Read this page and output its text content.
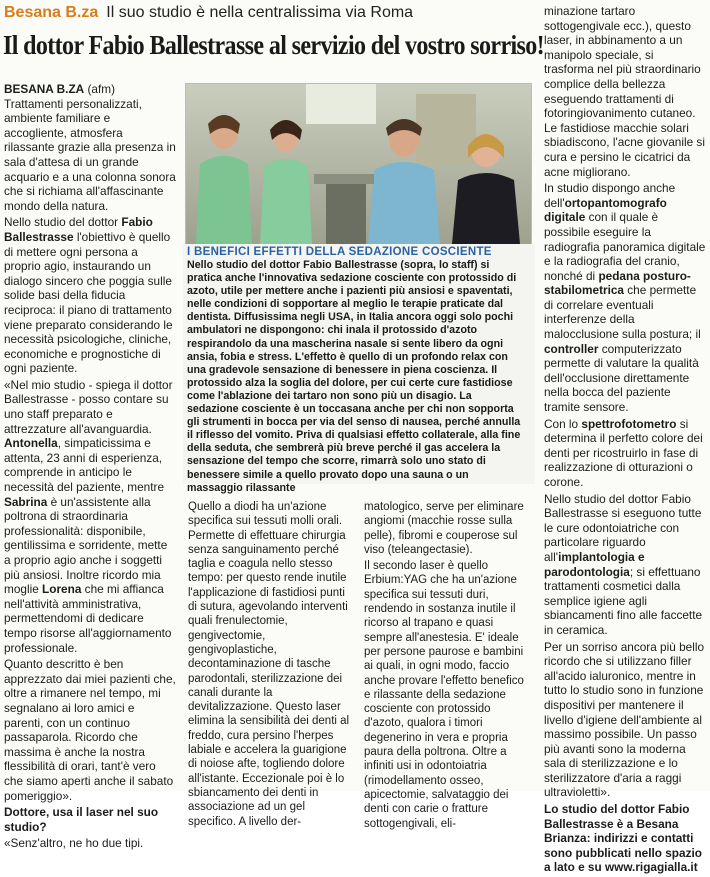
Besana B.za Il suo studio è nella centralissima via Roma
Il dottor Fabio Ballestrasse al servizio del vostro sorriso!

BESANA B.ZA (afm) Trattamenti personalizzati, ambiente familiare e accogliente, atmosfera rilassante grazie alla presenza in sala d'attesa di un grande acquario e a una colonna sonora che si richiama all'affascinante mondo della natura.

Nello studio del dottor Fabio Ballestrasse l'obiettivo è quello di mettere ogni persona a proprio agio, instaurando un dialogo sincero che poggia sulle solide basi della fiducia reciproca: il piano di trattamento viene preparato considerando le necessità psicologiche, cliniche, economiche e prognostiche di ogni paziente.

«Nel mio studio - spiega il dottor Ballestrasse - posso contare su uno staff preparato e attrezzature all'avanguardia. Antonella, simpaticissima e attenta, 23 anni di esperienza, comprende in anticipo le necessità del paziente, mentre Sabrina è un'assistente alla poltrona di straordinaria professionalità: disponibile, gentilissima e sorridente, mette a proprio agio anche i soggetti più ansiosi. Inoltre ricordo mia moglie Lorena che mi affianca nell'attività amministrativa, permettendomi di dedicare tempo risorse all'aggiornamento professionale.

Quanto descritto è ben apprezzato dai miei pazienti che, oltre a rimanere nel tempo, mi segnalano ai loro amici e parenti, con un continuo passaparola. Ricordo che massima è anche la nostra flessibilità di orari, tant'è vero che siamo aperti anche il sabato pomeriggio».

Dottore, usa il laser nel suo studio?

«Senz'altro, ne ho due tipi.

I BENEFICI EFFETTI DELLA SEDAZIONE COSCIENTE
Nello studio del dottor Fabio Ballestrasse (sopra, lo staff) si pratica anche l'innovativa sedazione cosciente con protossido di azoto, utile per mettere anche i pazienti più ansiosi e spaventati, nelle condizioni di sopportare al meglio le terapie praticate dal dentista. Diffusissima negli USA, in Italia ancora oggi solo pochi ambulatori ne dispongono: chi inala il protossido d'azoto respirandolo da una mascherina nasale si sente libero da ogni ansia, fobia e stress. L'effetto è quello di un profondo relax con una gradevole sensazione di benessere in piena coscienza. Il protossido alza la soglia del dolore, per cui certe cure fastidiose come l'ablazione dei tartaro non sono più un disagio. La sedazione cosciente è un toccasana anche per chi non sopporta gli strumenti in bocca per via del senso di nausea, perché annulla il riflesso del vomito. Priva di qualsiasi effetto collaterale, alla fine della seduta, che sembrerà più breve perché il gas accelera la sensazione del tempo che scorre, rimarrà solo uno stato di benessere simile a quello provato dopo una sauna o un massaggio rilassante

Quello a diodi ha un'azione specifica sui tessuti molli orali. Permette di effettuare chirurgia senza sanguinamento perché taglia e coagula nello stesso tempo: per questo rende inutile l'applicazione di fastidiosi punti di sutura, agevolando interventi quali frenulectomie, gengivectomie, gengivoplastiche, decontaminazione di tasche parodontali, sterilizzazione dei canali durante la devitalizzazione. Questo laser elimina la sensibilità dei denti al freddo, cura persino l'herpes labiale e accelera la guarigione di noiose afte, togliendo dolore all'istante. Eccezionale poi è lo sbiancamento dei denti in associazione ad un gel specifico. A livello der-

matologico, serve per eliminare angiomi (macchie rosse sulla pelle), fibromi e couperose sul viso (teleangectasie).

Il secondo laser è quello Erbium:YAG che ha un'azione specifica sui tessuti duri, rendendo in sostanza inutile il ricorso al trapano e quasi sempre all'anestesia. E' ideale per persone paurose e bambini ai quali, in ogni modo, faccio anche provare l'effetto benefico e rilassante della sedazione cosciente con protossido d'azoto, qualora i timori degenerino in vera e propria paura della poltrona. Oltre a infiniti usi in odontoiatria (rimodellamento osseo, apicectomie, salvataggio dei denti con carie o fratture sottogengivali, eli-

minazione tartaro sottogengivale ecc.), questo laser, in abbinamento a un manipolo speciale, si trasforma nel più straordinario complice della bellezza eseguendo trattamenti di fotoringiovanimento cutaneo. Le fastidiose macchie solari sbiadiscono, l'acne giovanile si cura e persino le cicatrici da acne migliorano.

In studio dispongo anche dell'ortopantomografo digitale con il quale è possibile eseguire la radiografia panoramica digitale e la radiografia del cranio, nonché di pedana posturo-stabilometrica che permette di correlare eventuali interferenze della malocclusione sulla postura; il controller computerizzato permette di valutare la qualità dell'occlusione direttamente nella bocca del paziente tramite sensore.

Con lo spettrofotometro si determina il perfetto colore dei denti per ricostruirlo in fase di realizzazione di otturazioni o corone.

Nello studio del dottor Fabio Ballestrasse si eseguono tutte le cure odontoiatriche con particolare riguardo all'implantologia e parodontologia; si effettuano trattamenti cosmetici dalla semplice igiene agli sbiancamenti fino alle faccette in ceramica.

Per un sorriso ancora più bello ricordo che si utilizzano filler all'acido ialuronico, mentre in tutto lo studio sono in funzione dispositivi per mantenere il livello d'igiene dell'ambiente al massimo possibile. Un passo più avanti sono la moderna sala di sterilizzazione e lo sterilizzatore d'aria a raggi ultravioletti».

Lo studio del dottor Fabio Ballestrasse è a Besana Brianza: indirizzi e contatti sono pubblicati nello spazio a lato e su www.rigagialla.it
